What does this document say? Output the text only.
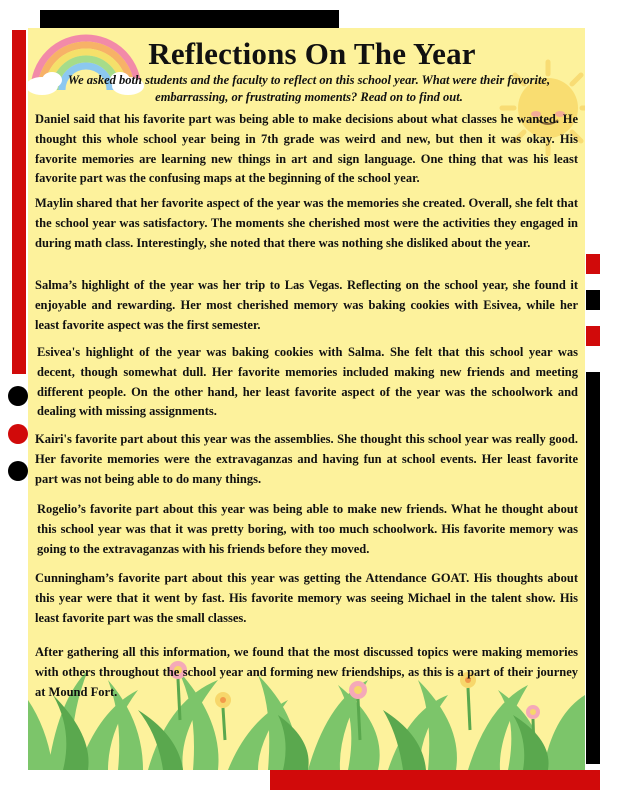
Reflections On The Year

We asked both students and the faculty to reflect on this school year. What were their favorite, embarrassing, or frustrating moments? Read on to find out.

Daniel said that his favorite part was being able to make decisions about what classes he wanted. He thought this whole school year being in 7th grade was weird and new, but then it was okay. His favorite memories are learning new things in art and sign language. One thing that was his least favorite part was the confusing maps at the beginning of the school year.

Maylin shared that her favorite aspect of the year was the memories she created. Overall, she felt that the school year was satisfactory. The moments she cherished most were the activities they engaged in during math class. Interestingly, she noted that there was nothing she disliked about the year.

Salma’s highlight of the year was her trip to Las Vegas. Reflecting on the school year, she found it enjoyable and rewarding. Her most cherished memory was baking cookies with Esivea, while her least favorite aspect was the first semester.

Esivea's highlight of the year was baking cookies with Salma. She felt that this school year was decent, though somewhat dull. Her favorite memories included making new friends and meeting different people. On the other hand, her least favorite aspect of the year was the schoolwork and dealing with missing assignments.

Kairi's favorite part about this year was the assemblies. She thought this school year was really good. Her favorite memories were the extravaganzas and having fun at school events. Her least favorite part was not being able to do many things.

Rogelio’s favorite part about this year was being able to make new friends. What he thought about this school year was that it was pretty boring, with too much schoolwork. His favorite memory was going to the extravaganzas with his friends before they moved.

Cunningham’s favorite part about this year was getting the Attendance GOAT. His thoughts about this year were that it went by fast. His favorite memory was seeing Michael in the talent show. His least favorite part was the small classes.

After gathering all this information, we found that the most discussed topics were making memories with others throughout the school year and forming new friendships, as this is a part of their journey at Mound Fort.
